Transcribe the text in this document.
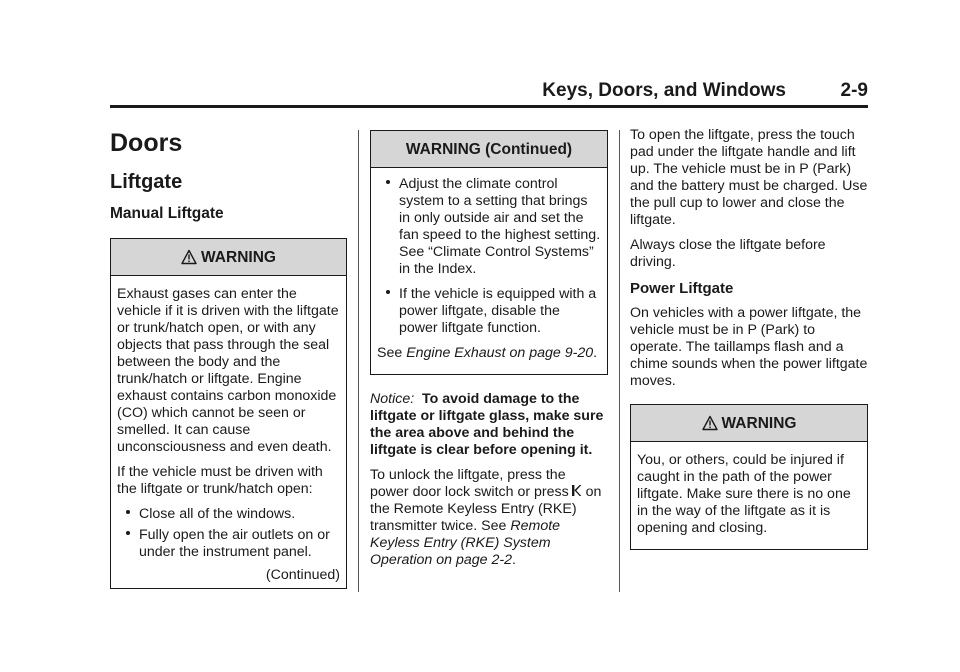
Keys, Doors, and Windows	2-9
Doors
Liftgate
Manual Liftgate
WARNING

Exhaust gases can enter the vehicle if it is driven with the liftgate or trunk/hatch open, or with any objects that pass through the seal between the body and the trunk/hatch or liftgate. Engine exhaust contains carbon monoxide (CO) which cannot be seen or smelled. It can cause unconsciousness and even death.

If the vehicle must be driven with the liftgate or trunk/hatch open:

Close all of the windows.
Fully open the air outlets on or under the instrument panel.
(Continued)
WARNING (Continued)
Adjust the climate control system to a setting that brings in only outside air and set the fan speed to the highest setting. See “Climate Control Systems” in the Index.
If the vehicle is equipped with a power liftgate, disable the power liftgate function.

See Engine Exhaust on page 9-20.

Notice: To avoid damage to the liftgate or liftgate glass, make sure the area above and behind the liftgate is clear before opening it.

To unlock the liftgate, press the power door lock switch or press on the Remote Keyless Entry (RKE) transmitter twice. See Remote Keyless Entry (RKE) System Operation on page 2-2.

To open the liftgate, press the touch pad under the liftgate handle and lift up. The vehicle must be in P (Park) and the battery must be charged. Use the pull cup to lower and close the liftgate.

Always close the liftgate before driving.

Power Liftgate

On vehicles with a power liftgate, the vehicle must be in P (Park) to operate. The taillamps flash and a chime sounds when the power liftgate moves.

WARNING

You, or others, could be injured if caught in the path of the power liftgate. Make sure there is no one in the way of the liftgate as it is opening and closing.
